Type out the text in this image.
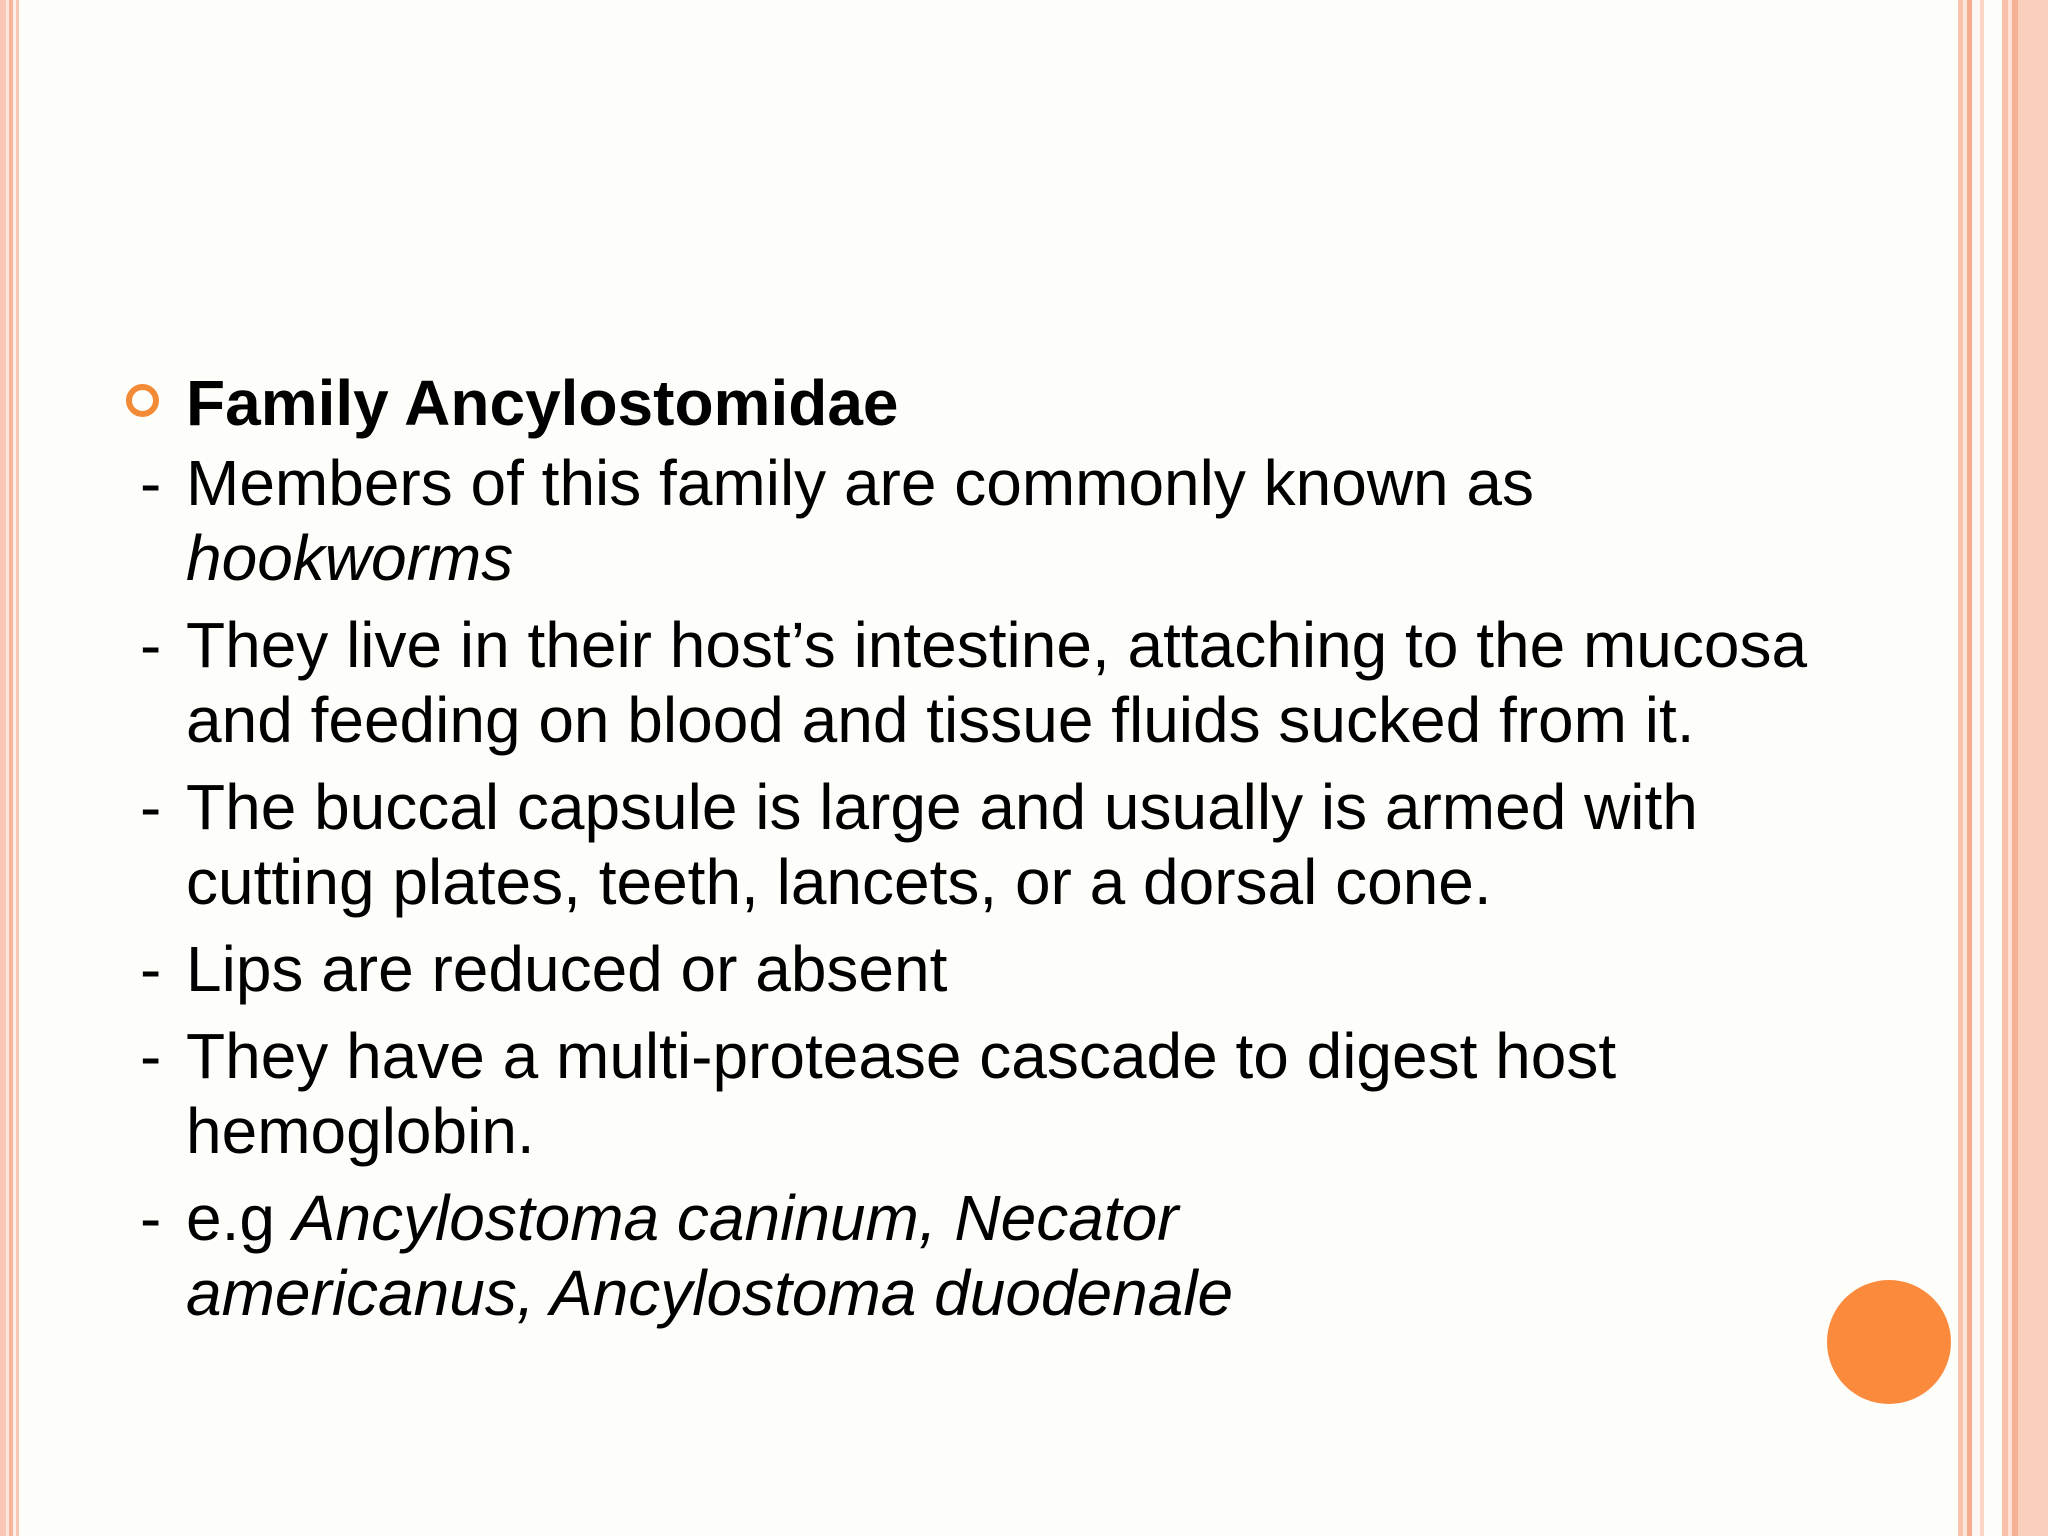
Family Ancylostomidae
- Members of this family are commonly known as
hookworms
- They live in their host’s intestine, attaching to the mucosa
and feeding on blood and tissue fluids sucked from it.
- The buccal capsule is large and usually is armed with
cutting plates, teeth, lancets, or a dorsal cone.
- Lips are reduced or absent
- They have a multi-protease cascade to digest host
hemoglobin.
- e.g Ancylostoma caninum, Necator
americanus, Ancylostoma duodenale
